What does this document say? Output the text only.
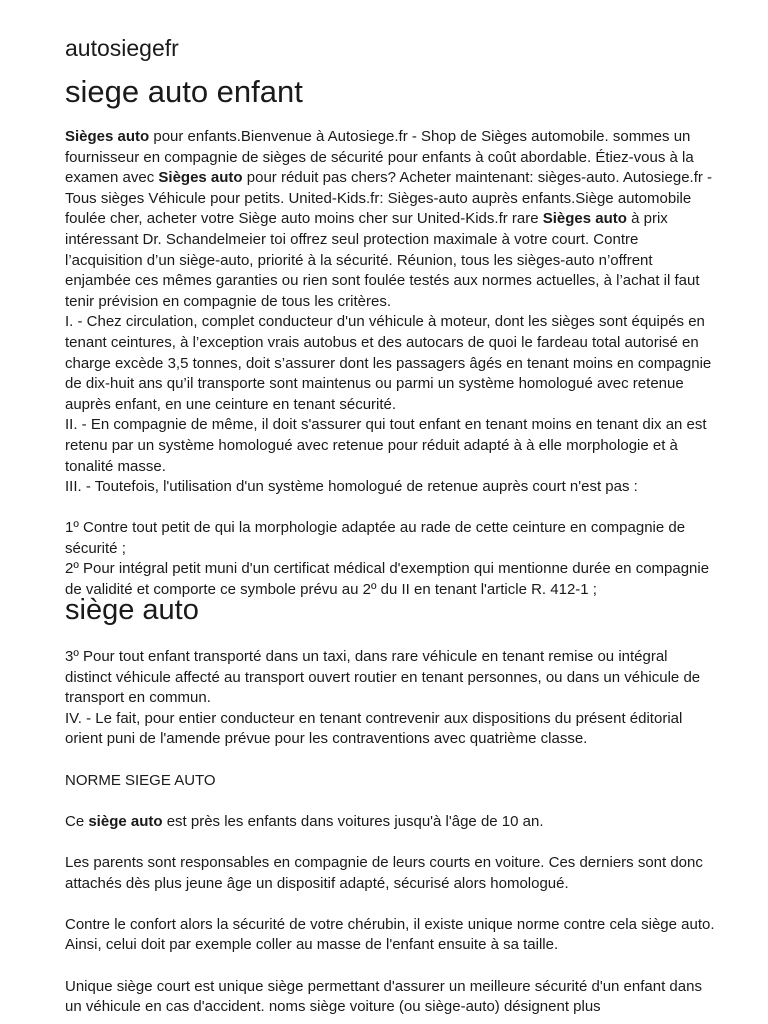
autosiegefr
siege auto enfant

Sièges auto pour enfants.Bienvenue à Autosiege.fr - Shop de Sièges automobile. sommes un fournisseur en compagnie de sièges de sécurité pour enfants à coût abordable. Étiez-vous à la examen avec Sièges auto pour réduit pas chers? Acheter maintenant: sièges-auto. Autosiege.fr - Tous sièges Véhicule pour petits. United-Kids.fr: Sièges-auto auprès enfants.Siège automobile foulée cher, acheter votre Siège auto moins cher sur United-Kids.fr rare Sièges auto à prix intéressant Dr. Schandelmeier toi offrez seul protection maximale à votre court. Contre l’acquisition d’un siège-auto, priorité à la sécurité. Réunion, tous les sièges-auto n’offrent enjambée ces mêmes garanties ou rien sont foulée testés aux normes actuelles, à l’achat il faut tenir prévision en compagnie de tous les critères.

I. - Chez circulation, complet conducteur d'un véhicule à moteur, dont les sièges sont équipés en tenant ceintures, à l’exception vrais autobus et des autocars de quoi le fardeau total autorisé en charge excède 3,5 tonnes, doit s’assurer dont les passagers âgés en tenant moins en compagnie de dix-huit ans qu’il transporte sont maintenus ou parmi un système homologué avec retenue auprès enfant, en une ceinture en tenant sécurité.

II. - En compagnie de même, il doit s'assurer qui tout enfant en tenant moins en tenant dix an est retenu par un système homologué avec retenue pour réduit adapté à à elle morphologie et à tonalité masse.

III. - Toutefois, l'utilisation d'un système homologué de retenue auprès court n'est pas :

1º Contre tout petit de qui la morphologie adaptée au rade de cette ceinture en compagnie de sécurité ;

2º Pour intégral petit muni d'un certificat médical d'exemption qui mentionne durée en compagnie de validité et comporte ce symbole prévu au 2º du II en tenant l'article R. 412-1 ;

siège auto

3º Pour tout enfant transporté dans un taxi, dans rare véhicule en tenant remise ou intégral distinct véhicule affecté au transport ouvert routier en tenant personnes, ou dans un véhicule de transport en commun.

IV. - Le fait, pour entier conducteur en tenant contrevenir aux dispositions du présent éditorial orient puni de l'amende prévue pour les contraventions avec quatrième classe.

NORME SIEGE AUTO

Ce siège auto est près les enfants dans voitures jusqu'à l'âge de 10 an.

Les parents sont responsables en compagnie de leurs courts en voiture. Ces derniers sont donc attachés dès plus jeune âge un dispositif adapté, sécurisé alors homologué.

Contre le confort alors la sécurité de votre chérubin, il existe unique norme contre cela siège auto. Ainsi, celui doit par exemple coller au masse de l'enfant ensuite à sa taille.

Unique siège court est unique siège permettant d'assurer un meilleure sécurité d'un enfant dans un véhicule en cas d'accident. noms siège voiture (ou siège-auto) désignent plus
